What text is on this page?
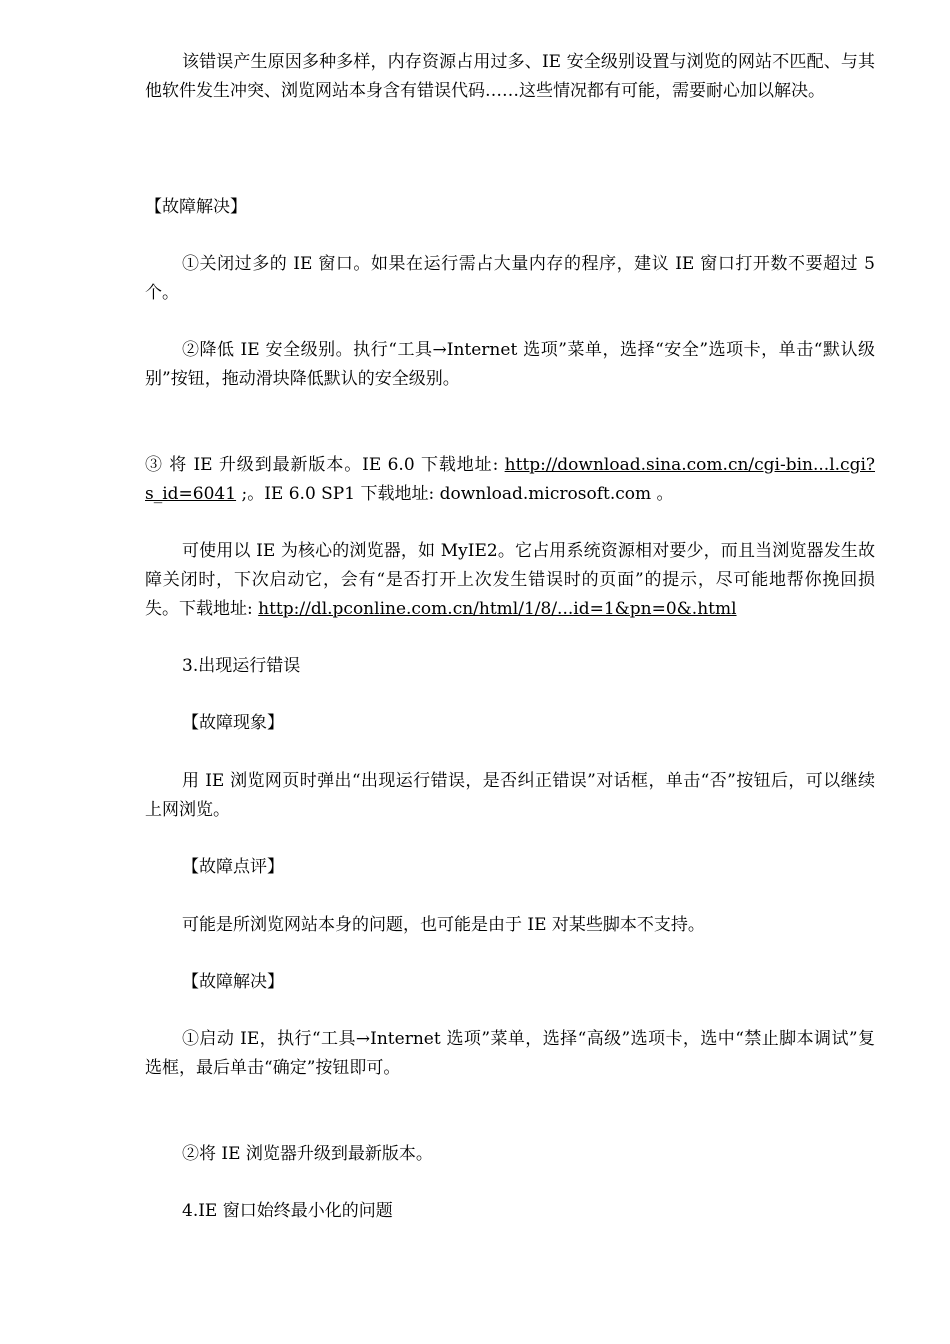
该错误产生原因多种多样，内存资源占用过多、IE 安全级别设置与浏览的网站不匹配、与其他软件发生冲突、浏览网站本身含有错误代码……这些情况都有可能，需要耐心加以解决。

【故障解决】

①关闭过多的 IE 窗口。如果在运行需占大量内存的程序，建议 IE 窗口打开数不要超过 5 个。

②降低 IE 安全级别。执行“工具→Internet 选项”菜单，选择“安全”选项卡，单击“默认级别”按钮，拖动滑块降低默认的安全级别。

③ 将 IE 升级到最新版本。IE 6.0 下载地址: http://download.sina.com.cn/cgi-bin...l.cgi?s_id=6041 ;。IE 6.0 SP1 下载地址: download.microsoft.com 。

可使用以 IE 为核心的浏览器，如 MyIE2。它占用系统资源相对要少，而且当浏览器发生故障关闭时，下次启动它，会有“是否打开上次发生错误时的页面”的提示，尽可能地帮你挽回损失。下载地址: http://dl.pconline.com.cn/html/1/8/...id=1&pn=0&.html

3.出现运行错误

【故障现象】

用 IE 浏览网页时弹出“出现运行错误，是否纠正错误”对话框，单击“否”按钮后，可以继续上网浏览。

【故障点评】

可能是所浏览网站本身的问题，也可能是由于 IE 对某些脚本不支持。

【故障解决】

①启动 IE，执行“工具→Internet 选项”菜单，选择“高级”选项卡，选中“禁止脚本调试”复选框，最后单击“确定”按钮即可。

②将 IE 浏览器升级到最新版本。

4.IE 窗口始终最小化的问题
